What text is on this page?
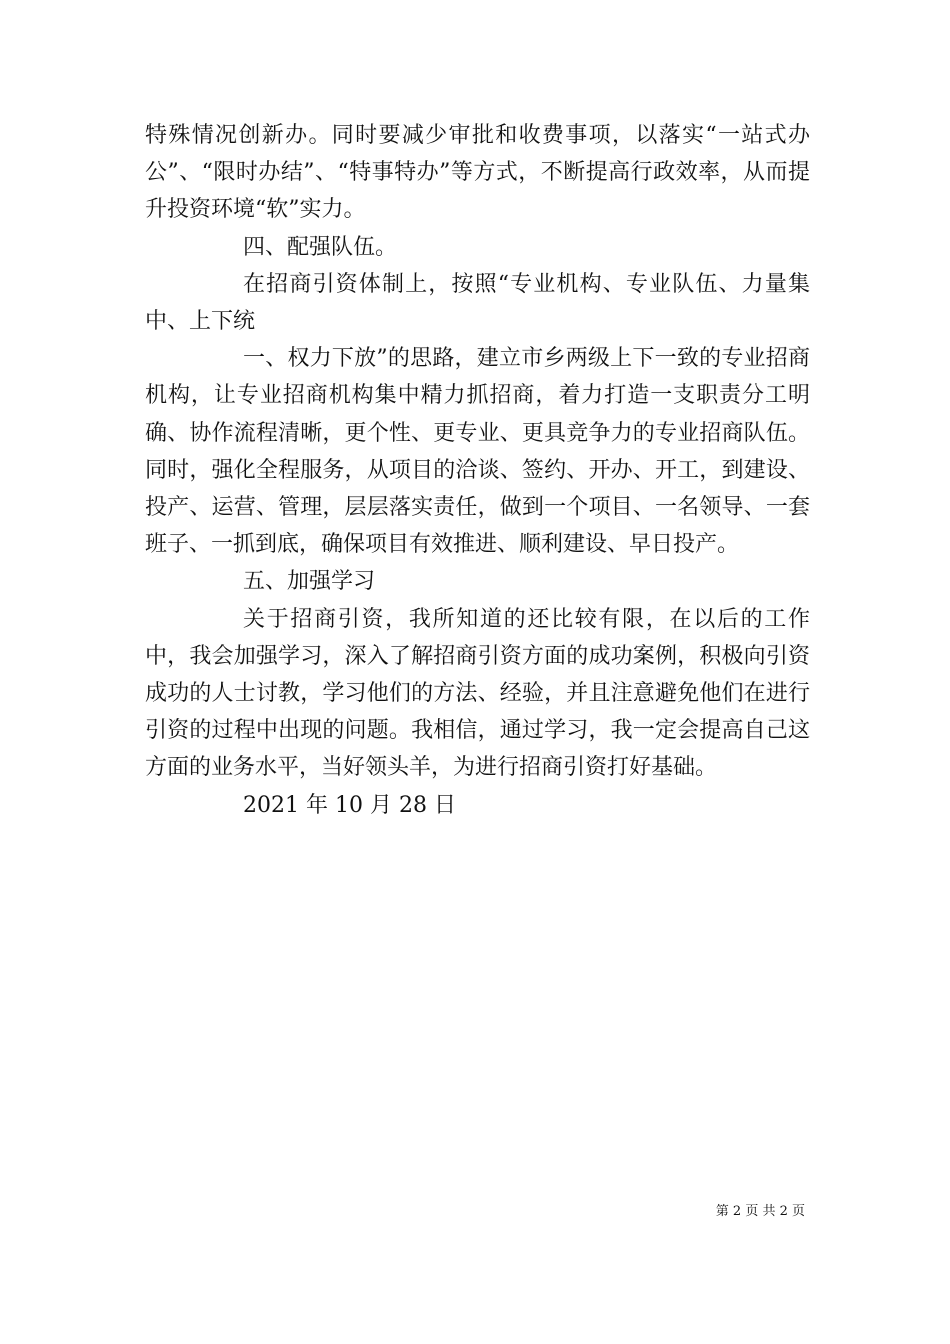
特殊情况创新办。同时要减少审批和收费事项，以落实“一站式办公”、“限时办结”、“特事特办”等方式，不断提高行政效率，从而提升投资环境“软”实力。

四、配强队伍。

在招商引资体制上，按照“专业机构、专业队伍、力量集中、上下统

一、权力下放”的思路，建立市乡两级上下一致的专业招商机构，让专业招商机构集中精力抓招商，着力打造一支职责分工明确、协作流程清晰，更个性、更专业、更具竞争力的专业招商队伍。同时，强化全程服务，从项目的洽谈、签约、开办、开工，到建设、投产、运营、管理，层层落实责任，做到一个项目、一名领导、一套班子、一抓到底，确保项目有效推进、顺利建设、早日投产。

五、加强学习

关于招商引资，我所知道的还比较有限，在以后的工作中，我会加强学习，深入了解招商引资方面的成功案例，积极向引资成功的人士讨教，学习他们的方法、经验，并且注意避免他们在进行引资的过程中出现的问题。我相信，通过学习，我一定会提高自己这方面的业务水平，当好领头羊，为进行招商引资打好基础。

2021 年 10 月 28 日

第 2 页 共 2 页
